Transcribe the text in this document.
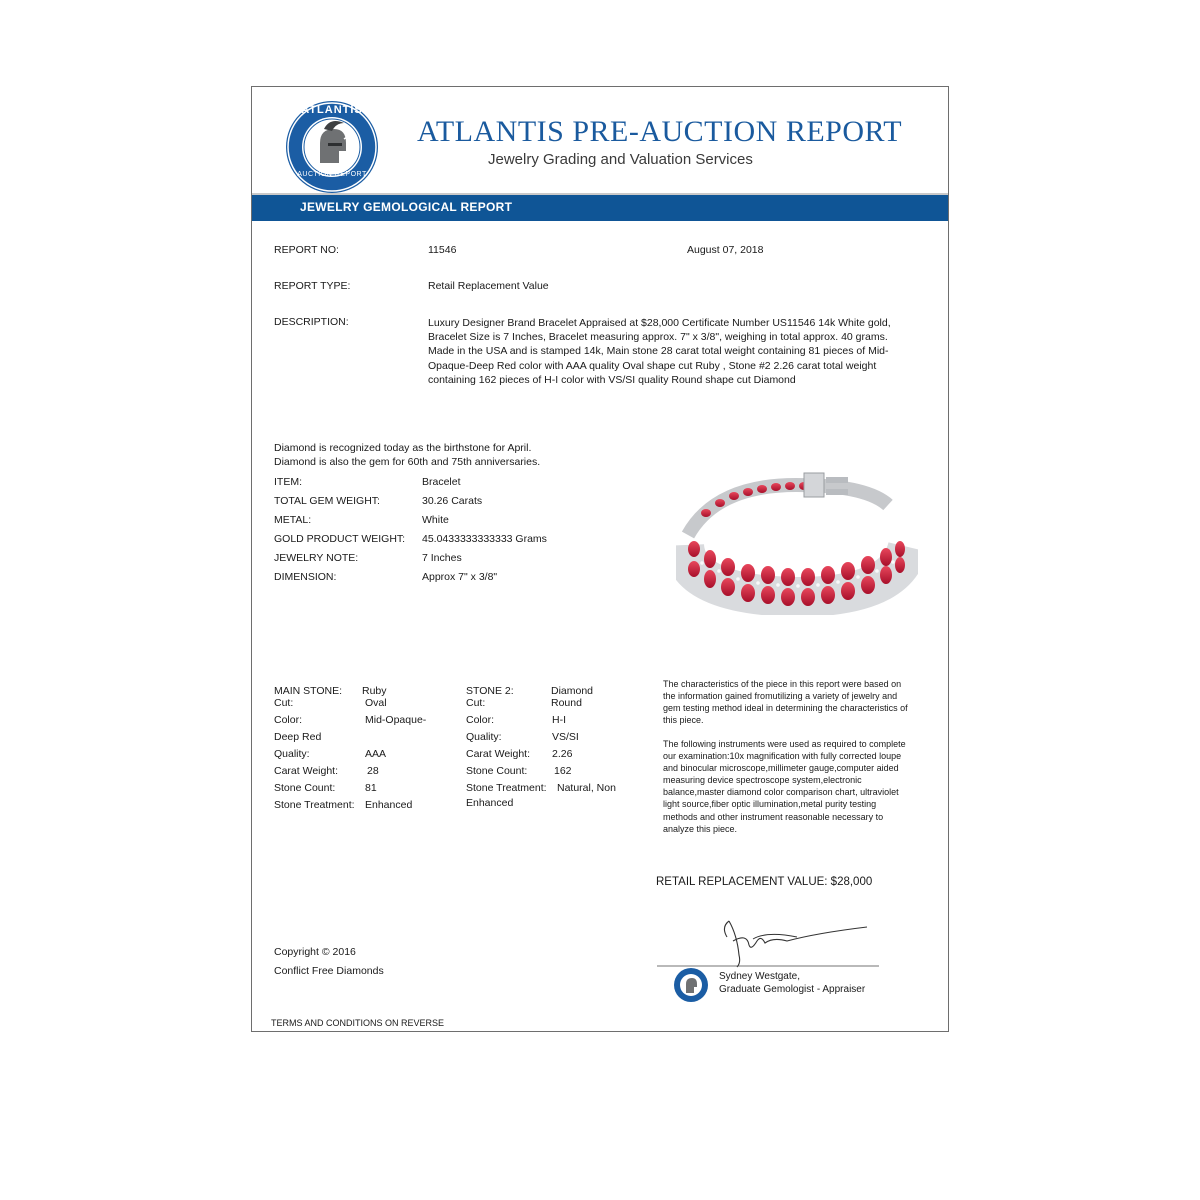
ATLANTIS
AUCTION REPORT
ATLANTIS PRE-AUCTION REPORT
Jewelry Grading and Valuation Services
JEWELRY GEMOLOGICAL REPORT
REPORT NO:	11546	August 07, 2018
REPORT TYPE:	Retail Replacement Value
DESCRIPTION:	Luxury Designer Brand Bracelet Appraised at $28,000 Certificate Number US11546 14k White gold, Bracelet Size is 7 Inches, Bracelet measuring approx. 7" x 3/8", weighing in total approx. 40 grams. Made in the USA and is stamped 14k, Main stone 28 carat total weight containing 81 pieces of Mid-Opaque-Deep Red color with AAA quality Oval shape cut Ruby , Stone #2 2.26 carat total weight containing 162 pieces of H-I color with VS/SI quality Round shape cut Diamond
Diamond is recognized today as the birthstone for April.
Diamond is also the gem for 60th and 75th anniversaries.
ITEM:	Bracelet
TOTAL GEM WEIGHT:	30.26 Carats
METAL:	White
GOLD PRODUCT WEIGHT: 45.0433333333333 Grams
JEWELRY NOTE:	7 Inches
DIMENSION:	Approx 7" x 3/8"
MAIN STONE: Ruby
Cut:	Oval
Color:	Mid-Opaque-
Deep Red
Quality:	AAA
Carat Weight:	28
Stone Count:	81
Stone Treatment: Enhanced
STONE 2:	Diamond
Cut:	Round
Color:	H-I
Quality:	VS/SI
Carat Weight: 2.26
Stone Count:	162
Stone Treatment: Natural, Non
Enhanced
The characteristics of the piece in this report were based on the information gained fromutilizing a variety of jewelry and gem testing method ideal in determining the characteristics of this piece.
The following instruments were used as required to complete our examination:10x magnification with fully corrected loupe and binocular microscope,millimeter gauge,computer aided measuring device spectroscope system,electronic balance,master diamond color comparison chart, ultraviolet light source,fiber optic illumination,metal purity testing methods and other instrument reasonable necessary to analyze this piece.
RETAIL REPLACEMENT VALUE: $28,000
Sydney Westgate,
Graduate Gemologist - Appraiser
Copyright © 2016
Conflict Free Diamonds
TERMS AND CONDITIONS ON REVERSE
